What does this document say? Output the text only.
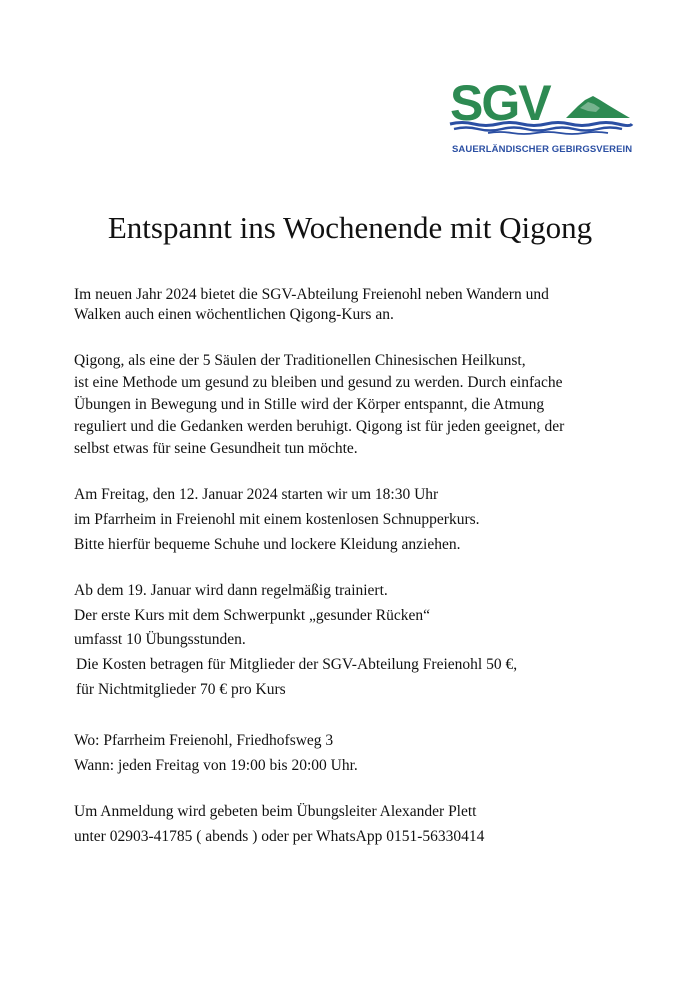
SGV
SAUERLÄNDISCHER GEBIRGSVEREIN
Entspannt ins Wochenende mit Qigong
Im neuen Jahr 2024 bietet die SGV-Abteilung Freienohl neben Wandern und
Walken auch einen wöchentlichen Qigong-Kurs an.
Qigong, als eine der 5 Säulen der Traditionellen Chinesischen Heilkunst,
ist eine Methode um gesund zu bleiben und gesund zu werden. Durch einfache
Übungen in Bewegung und in Stille wird der Körper entspannt, die Atmung
reguliert und die Gedanken werden beruhigt. Qigong ist für jeden geeignet, der
selbst etwas für seine Gesundheit tun möchte.
Am Freitag, den 12. Januar 2024 starten wir um 18:30 Uhr
im Pfarrheim in Freienohl mit einem kostenlosen Schnupperkurs.
Bitte hierfür bequeme Schuhe und lockere Kleidung anziehen.
Ab dem 19. Januar wird dann regelmäßig trainiert.
Der erste Kurs mit dem Schwerpunkt „gesunder Rücken“
umfasst 10 Übungsstunden.
Die Kosten betragen für Mitglieder der SGV-Abteilung Freienohl 50 €,
für Nichtmitglieder 70 € pro Kurs
Wo: Pfarrheim Freienohl, Friedhofsweg 3
Wann: jeden Freitag von 19:00 bis 20:00 Uhr.
Um Anmeldung wird gebeten beim Übungsleiter Alexander Plett
unter 02903-41785 ( abends ) oder per WhatsApp 0151-56330414
